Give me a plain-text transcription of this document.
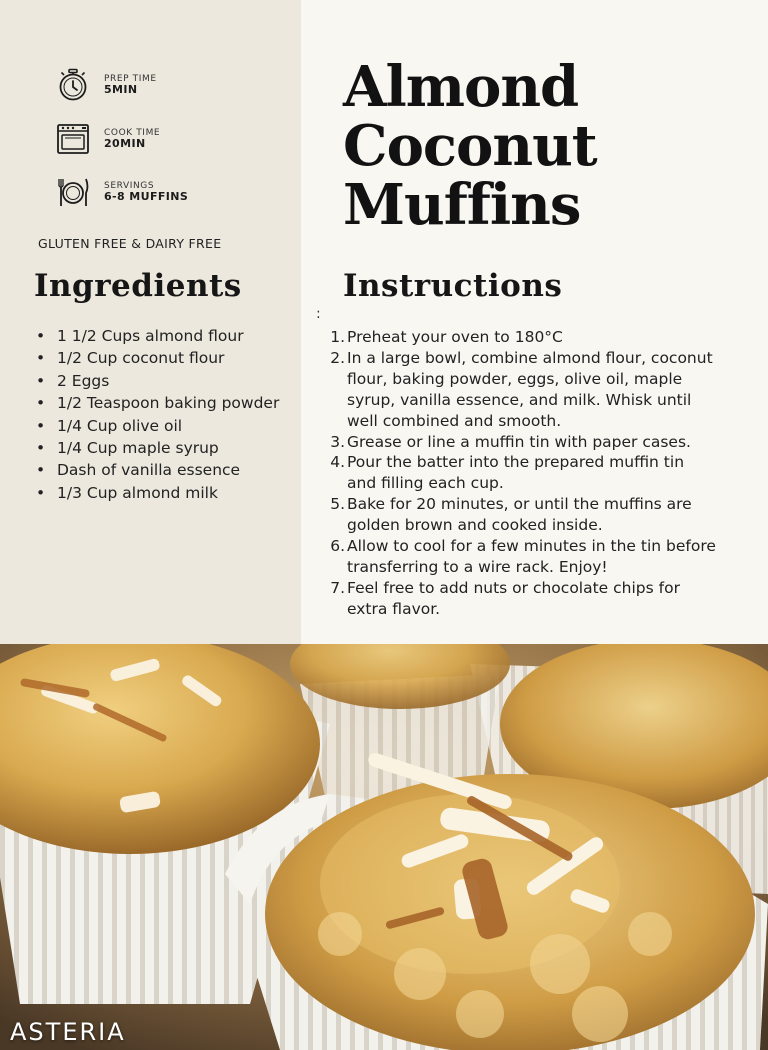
PREP TIME
5MIN
COOK TIME
20MIN
SERVINGS
6-8 MUFFINS
GLUTEN FREE & DAIRY FREE
Almond
Coconut
Muffins
Ingredients
• 1 1/2 Cups almond flour
• 1/2 Cup coconut flour
• 2 Eggs
• 1/2 Teaspoon baking powder
• 1/4 Cup olive oil
• 1/4 Cup maple syrup
• Dash of vanilla essence
• 1/3 Cup almond milk
Instructions
:
1. Preheat your oven to 180°C
2. In a large bowl, combine almond flour, coconut flour, baking powder, eggs, olive oil, maple syrup, vanilla essence, and milk. Whisk until well combined and smooth.
3. Grease or line a muffin tin with paper cases.
4. Pour the batter into the prepared muffin tin and filling each cup.
5. Bake for 20 minutes, or until the muffins are golden brown and cooked inside.
6. Allow to cool for a few minutes in the tin before transferring to a wire rack. Enjoy!
7. Feel free to add nuts or chocolate chips for extra flavor.
ASTERIA
